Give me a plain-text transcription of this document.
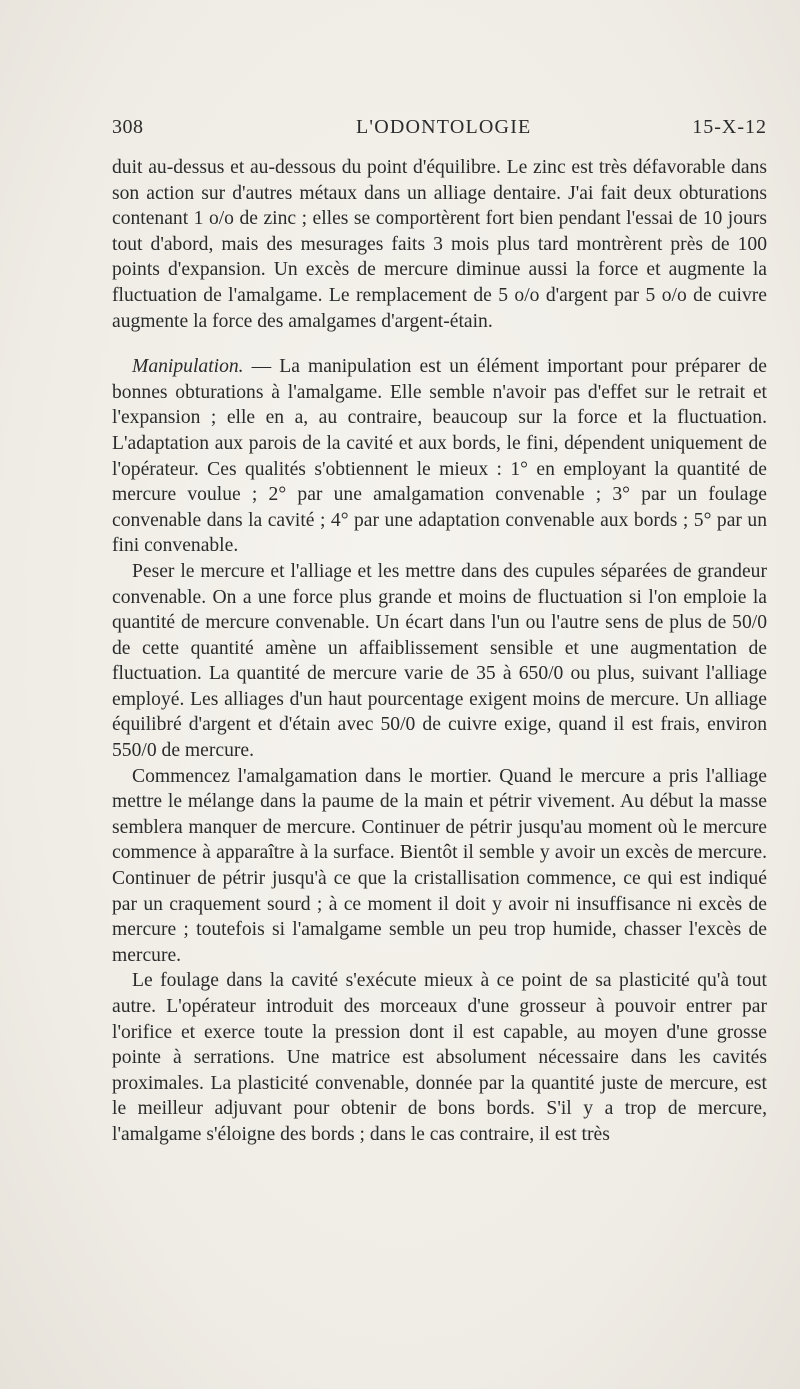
308	L'ODONTOLOGIE	15-X-12

duit au-dessus et au-dessous du point d'équilibre. Le zinc est très défavorable dans son action sur d'autres métaux dans un alliage dentaire. J'ai fait deux obturations contenant 1 o/o de zinc ; elles se comportèrent fort bien pendant l'essai de 10 jours tout d'abord, mais des mesurages faits 3 mois plus tard montrèrent près de 100 points d'expansion. Un excès de mercure diminue aussi la force et augmente la fluctuation de l'amalgame. Le remplacement de 5 o/o d'argent par 5 o/o de cuivre augmente la force des amalgames d'argent-étain.

Manipulation. — La manipulation est un élément important pour préparer de bonnes obturations à l'amalgame. Elle semble n'avoir pas d'effet sur le retrait et l'expansion ; elle en a, au contraire, beaucoup sur la force et la fluctuation. L'adaptation aux parois de la cavité et aux bords, le fini, dépendent uniquement de l'opérateur. Ces qualités s'obtiennent le mieux : 1° en employant la quantité de mercure voulue ; 2° par une amalgamation convenable ; 3° par un foulage convenable dans la cavité ; 4° par une adaptation convenable aux bords ; 5° par un fini convenable.

Peser le mercure et l'alliage et les mettre dans des cupules séparées de grandeur convenable. On a une force plus grande et moins de fluctuation si l'on emploie la quantité de mercure convenable. Un écart dans l'un ou l'autre sens de plus de 50/0 de cette quantité amène un affaiblissement sensible et une augmentation de fluctuation. La quantité de mercure varie de 35 à 650/0 ou plus, suivant l'alliage employé. Les alliages d'un haut pourcentage exigent moins de mercure. Un alliage équilibré d'argent et d'étain avec 50/0 de cuivre exige, quand il est frais, environ 550/0 de mercure.

Commencez l'amalgamation dans le mortier. Quand le mercure a pris l'alliage mettre le mélange dans la paume de la main et pétrir vivement. Au début la masse semblera manquer de mercure. Continuer de pétrir jusqu'au moment où le mercure commence à apparaître à la surface. Bientôt il semble y avoir un excès de mercure. Continuer de pétrir jusqu'à ce que la cristallisation commence, ce qui est indiqué par un craquement sourd ; à ce moment il doit y avoir ni insuffisance ni excès de mercure ; toutefois si l'amalgame semble un peu trop humide, chasser l'excès de mercure.

Le foulage dans la cavité s'exécute mieux à ce point de sa plasticité qu'à tout autre. L'opérateur introduit des morceaux d'une grosseur à pouvoir entrer par l'orifice et exerce toute la pression dont il est capable, au moyen d'une grosse pointe à serrations. Une matrice est absolument nécessaire dans les cavités proximales. La plasticité convenable, donnée par la quantité juste de mercure, est le meilleur adjuvant pour obtenir de bons bords. S'il y a trop de mercure, l'amalgame s'éloigne des bords ; dans le cas contraire, il est très
